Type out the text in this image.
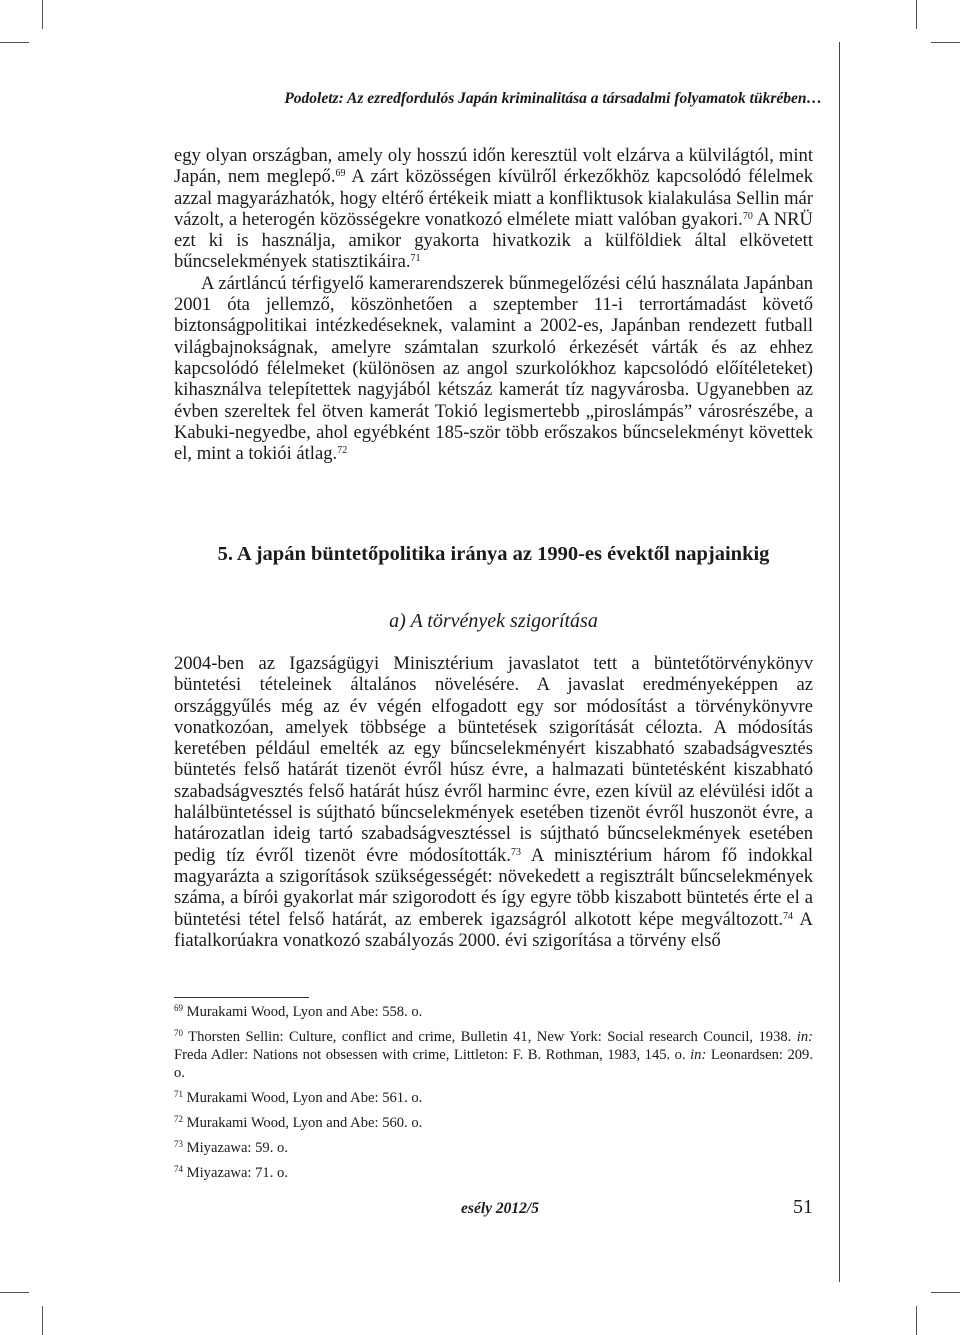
Podoletz: Az ezredfordulós Japán kriminalitása a társadalmi folyamatok tükrében…

egy olyan országban, amely oly hosszú időn keresztül volt elzárva a külvilágtól, mint Japán, nem meglepő.$^{69}$ A zárt közösségen kívülről érkezőkhöz kapcsolódó félelmek azzal magyarázhatók, hogy eltérő értékeik miatt a konfliktusok kialakulása Sellin már vázolt, a heterogén közösségekre vonatkozó elmélete miatt valóban gyakori.$^{70}$ A NRÜ ezt ki is használja, amikor gyakorta hivatkozik a külföldiek által elkövetett bűncselekmények statisztikáira.$^{71}$

A zártláncú térfigyelő kamerarendszerek bűnmegelőzési célú használata Japánban 2001 óta jellemző, köszönhetően a szeptember 11-i terrortámadást követő biztonságpolitikai intézkedéseknek, valamint a 2002-es, Japánban rendezett futball világbajnokságnak, amelyre számtalan szurkoló érkezését várták és az ehhez kapcsolódó félelmeket (különösen az angol szurkolókhoz kapcsolódó előítéleteket) kihasználva telepítettek nagyjából kétszáz kamerát tíz nagyvárosba. Ugyanebben az évben szereltek fel ötven kamerát Tokió legismertebb „piroslámpás” városrészébe, a Kabuki-negyedbe, ahol egyébként 185-ször több erőszakos bűncselekményt követtek el, mint a tokiói átlag.$^{72}$

5. A japán büntetőpolitika iránya az 1990-es évektől napjainkig
a) A törvények szigorítása

2004-ben az Igazságügyi Minisztérium javaslatot tett a büntetőtörvénykönyv büntetési tételeinek általános növelésére. A javaslat eredményeképpen az országgyűlés még az év végén elfogadott egy sor módosítást a törvénykönyvre vonatkozóan, amelyek többsége a büntetések szigorítását célozta. A módosítás keretében például emelték az egy bűncselekményért kiszabható szabadságvesztés büntetés felső határát tizenöt évről húsz évre, a halmazati büntetésként kiszabható szabadságvesztés felső határát húsz évről harminc évre, ezen kívül az elévülési időt a halálbüntetéssel is sújtható bűncselekmények esetében tizenöt évről huszonöt évre, a határozatlan ideig tartó szabadságvesztéssel is sújtható bűncselekmények esetében pedig tíz évről tizenöt évre módosították.$^{73}$ A minisztérium három fő indokkal magyarázta a szigorítások szükségességét: növekedett a regisztrált bűncselekmények száma, a bírói gyakorlat már szigorodott és így egyre több kiszabott büntetés érte el a büntetési tétel felső határát, az emberek igazságról alkotott képe megváltozott.$^{74}$ A fiatalkorúakra vonatkozó szabályozás 2000. évi szigorítása a törvény első

$^{69}$ Murakami Wood, Lyon and Abe: 558. o.

$^{70}$ Thorsten Sellin: Culture, conflict and crime, Bulletin 41, New York: Social research Council, 1938. in: Freda Adler: Nations not obsessen with crime, Littleton: F. B. Rothman, 1983, 145. o. in: Leonardsen: 209. o.

$^{71}$ Murakami Wood, Lyon and Abe: 561. o.

$^{72}$ Murakami Wood, Lyon and Abe: 560. o.

$^{73}$ Miyazawa: 59. o.

$^{74}$ Miyazawa: 71. o.

esély 2012/5	51
